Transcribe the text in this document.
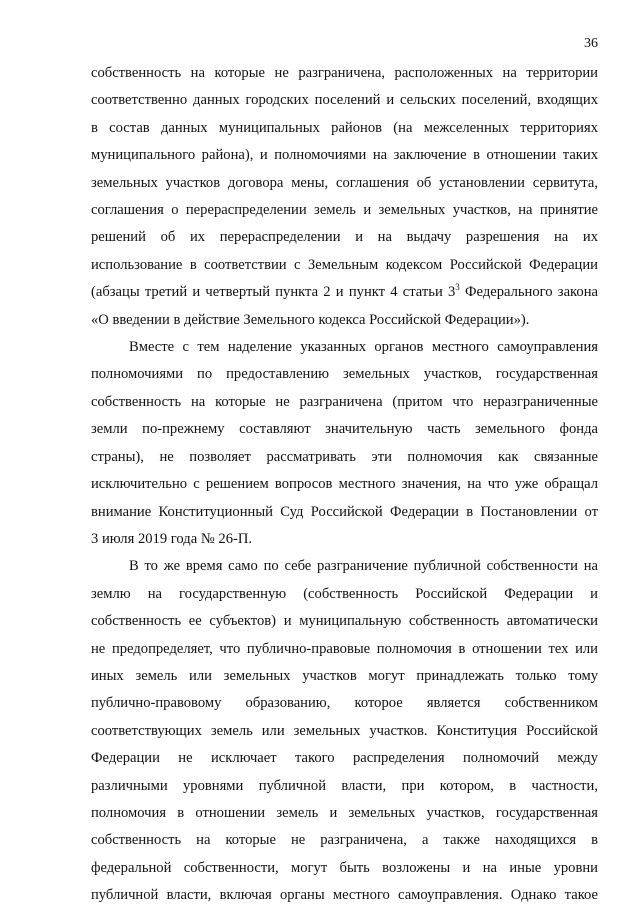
36

собственность на которые не разграничена, расположенных на территории

соответственно данных городских поселений и сельских поселений, входящих

в состав данных муниципальных районов (на межселенных территориях

муниципального района), и полномочиями на заключение в отношении таких

земельных участков договора мены, соглашения об установлении сервитута,

соглашения о перераспределении земель и земельных участков, на принятие

решений об их перераспределении и на выдачу разрешения на их

использование в соответствии с Земельным кодексом Российской Федерации

(абзацы третий и четвертый пункта 2 и пункт 4 статьи $3^3$ Федерального закона

«О введении в действие Земельного кодекса Российской Федерации»).

Вместе с тем наделение указанных органов местного самоуправления

полномочиями по предоставлению земельных участков, государственная

собственность на которые не разграничена (притом что неразграниченные

земли по-прежнему составляют значительную часть земельного фонда

страны), не позволяет рассматривать эти полномочия как связанные

исключительно с решением вопросов местного значения, на что уже обращал

внимание Конституционный Суд Российской Федерации в Постановлении от

3 июля 2019 года № 26-П.

В то же время само по себе разграничение публичной собственности на

землю на государственную (собственность Российской Федерации и

собственность ее субъектов) и муниципальную собственность автоматически

не предопределяет, что публично-правовые полномочия в отношении тех или

иных земель или земельных участков могут принадлежать только тому

публично-правовому образованию, которое является собственником

соответствующих земель или земельных участков. Конституция Российской

Федерации не исключает такого распределения полномочий между

различными уровнями публичной власти, при котором, в частности,

полномочия в отношении земель и земельных участков, государственная

собственность на которые не разграничена, а также находящихся в

федеральной собственности, могут быть возложены и на иные уровни

публичной власти, включая органы местного самоуправления. Однако такое
